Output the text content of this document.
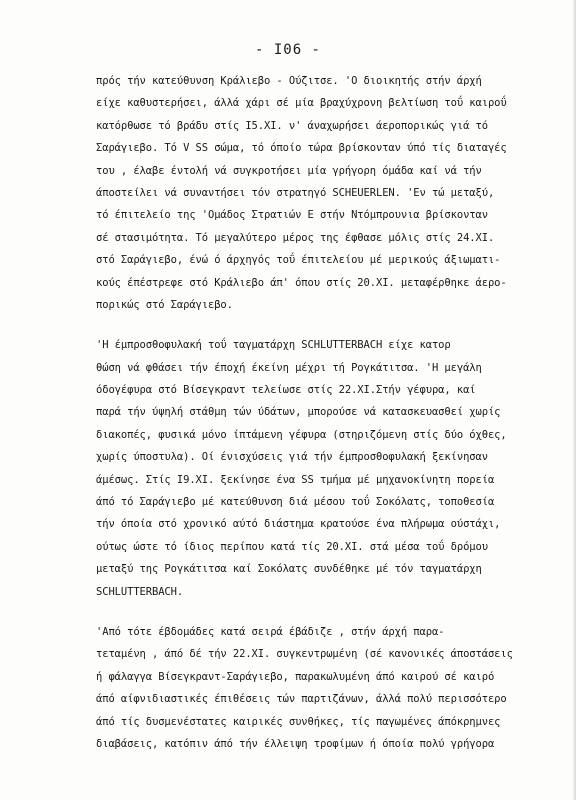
- I06 -
πρός τήν κατεύθυνση Κράλιεβο - Ούζιτσε. 'Ο διοικητής στήν άρχή
είχε καθυστερήσει, άλλά χάρι σέ μία βραχύχρονη βελτίωση τοΰ καιροΰ
κατόρθωσε τό βράδυ στίς Ι5.ΧΙ. ν' άναχωρήσει άεροπορικώς γιά τό
Σαράγιεβο. Τό V SS σώμα, τό όποίο τώρα βρίσκονταν ύπό τίς διαταγές
του , έλαβε έντολή νά συγκροτήσει μία γρήγορη όμάδα καί νά τήν
άποστείλει νά συναντήσει τόν στρατηγό SCHEUERLEN. 'Εν τώ μεταξύ,
τό έπιτελείο της 'Ομάδος Στρατιών Ε στήν Ντόμπρουνια βρίσκονταν
σέ στασιμότητα. Τό μεγαλύτερο μέρος της έφθασε μόλις στίς 24.ΧΙ.
στό Σαράγιεβο, ένώ ό άρχηγός τοΰ έπιτελείου μέ μερικούς άξιωματι-
κούς έπέστρεφε στό Κράλιεβο άπ' όπου στίς 20.ΧΙ. μεταφέρθηκε άερο-
πορικώς στό Σαράγιεβο.
'Η έμπροσθοφυλακή τοΰ ταγματάρχη SCHLUTTERBACH είχε κατορ
θώση νά φθάσει τήν έποχή έκείνη μέχρι τή Ρογκάτιτσα. 'Η μεγάλη
όδογέφυρα στό Βίσεγκραντ τελείωσε στίς 22.ΧΙ.Στήν γέφυρα, καί
παρά τήν ύψηλή στάθμη τών ύδάτων, μπορούσε νά κατασκευασθεί χωρίς
διακοπές, φυσικά μόνο ίπτάμενη γέφυρα (στηριζόμενη στίς δύο όχθες,
χωρίς ύποστυλα). Οί ένισχύσεις γιά τήν έμπροσθοφυλακή ξεκίνησαν
άμέσως. Στίς Ι9.ΧΙ. ξεκίνησε ένα SS τμήμα μέ μηχανοκίνητη πορεία
άπό τό Σαράγιεβο μέ κατεύθυνση διά μέσου τοΰ Σοκόλατς, τοποθεσία
τήν όποία στό χρονικό αύτό διάστημα κρατούσε ένα πλήρωμα ούστάχι,
ούτως ώστε τό ίδιος περίπου κατά τίς 20.ΧΙ. στά μέσα τοΰ δρόμου
μεταξύ της Ρογκάτιτσα καί Σοκόλατς συνδέθηκε μέ τόν ταγματάρχη
SCHLUTTERBACH.
'Από τότε έβδομάδες κατά σειρά έβάδιζε , στήν άρχή παρα-
τεταμένη , άπό δέ τήν 22.ΧΙ. συγκεντρωμένη (σέ κανονικές άποστάσεις
ή φάλαγγα Βίσεγκραντ-Σαράγιεβο, παρακωλυμένη άπό καιρού σέ καιρό
άπό αίφνιδιαστικές έπιθέσεις τών παρτιζάνων, άλλά πολύ περισσότερο
άπό τίς δυσμενέστατες καιρικές συνθήκες, τίς παγωμένες άπόκρημνες
διαβάσεις, κατόπιν άπό τήν έλλειψη τροφίμων ή όποία πολύ γρήγορα
